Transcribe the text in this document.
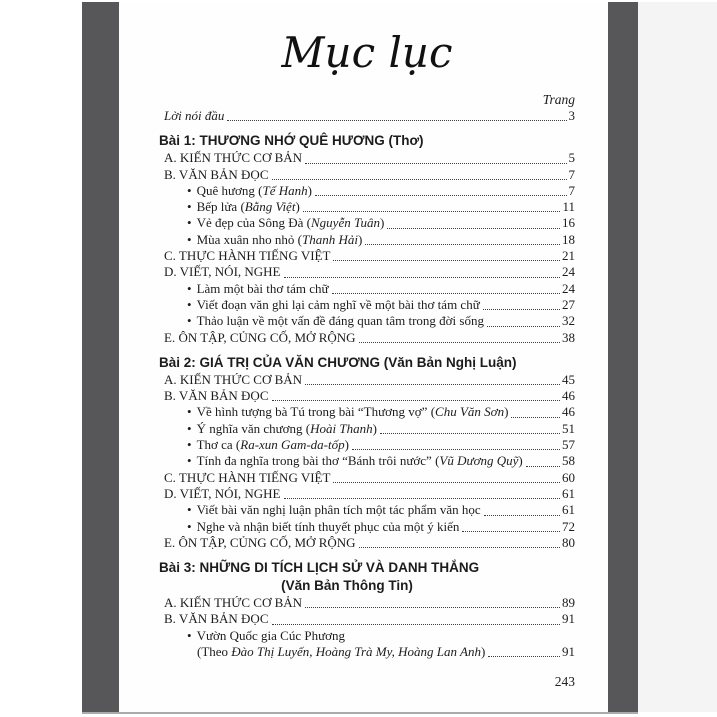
Mục lục
Trang
Lời nói đầu	3
Bài 1: THƯƠNG NHỚ QUÊ HƯƠNG (Thơ)
A. KIẾN THỨC CƠ BẢN	5
B. VĂN BẢN ĐỌC	7
• Quê hương (Tế Hanh)	7
• Bếp lửa (Bằng Việt)	11
• Vẻ đẹp của Sông Đà (Nguyễn Tuân)	16
• Mùa xuân nho nhỏ (Thanh Hải)	18
C. THỰC HÀNH TIẾNG VIỆT	21
D. VIẾT, NÓI, NGHE	24
• Làm một bài thơ tám chữ	24
• Viết đoạn văn ghi lại cảm nghĩ về một bài thơ tám chữ	27
• Thảo luận về một vấn đề đáng quan tâm trong đời sống	32
E. ÔN TẬP, CỦNG CỐ, MỞ RỘNG	38
Bài 2: GIÁ TRỊ CỦA VĂN CHƯƠNG (Văn Bản Nghị Luận)
A. KIẾN THỨC CƠ BẢN	45
B. VĂN BẢN ĐỌC	46
• Về hình tượng bà Tú trong bài “Thương vợ” (Chu Văn Sơn)	46
• Ý nghĩa văn chương (Hoài Thanh)	51
• Thơ ca (Ra-xun Gam-da-tốp)	57
• Tính đa nghĩa trong bài thơ “Bánh trôi nước” (Vũ Dương Quỹ)	58
C. THỰC HÀNH TIẾNG VIỆT	60
D. VIẾT, NÓI, NGHE	61
• Viết bài văn nghị luận phân tích một tác phẩm văn học	61
• Nghe và nhận biết tính thuyết phục của một ý kiến	72
E. ÔN TẬP, CỦNG CỐ, MỞ RỘNG	80
Bài 3: NHỮNG DI TÍCH LỊCH SỬ VÀ DANH THẮNG
(Văn Bản Thông Tin)
A. KIẾN THỨC CƠ BẢN	89
B. VĂN BẢN ĐỌC	91
• Vườn Quốc gia Cúc Phương
(Theo Đào Thị Luyến, Hoàng Trà My, Hoàng Lan Anh)	91
243
